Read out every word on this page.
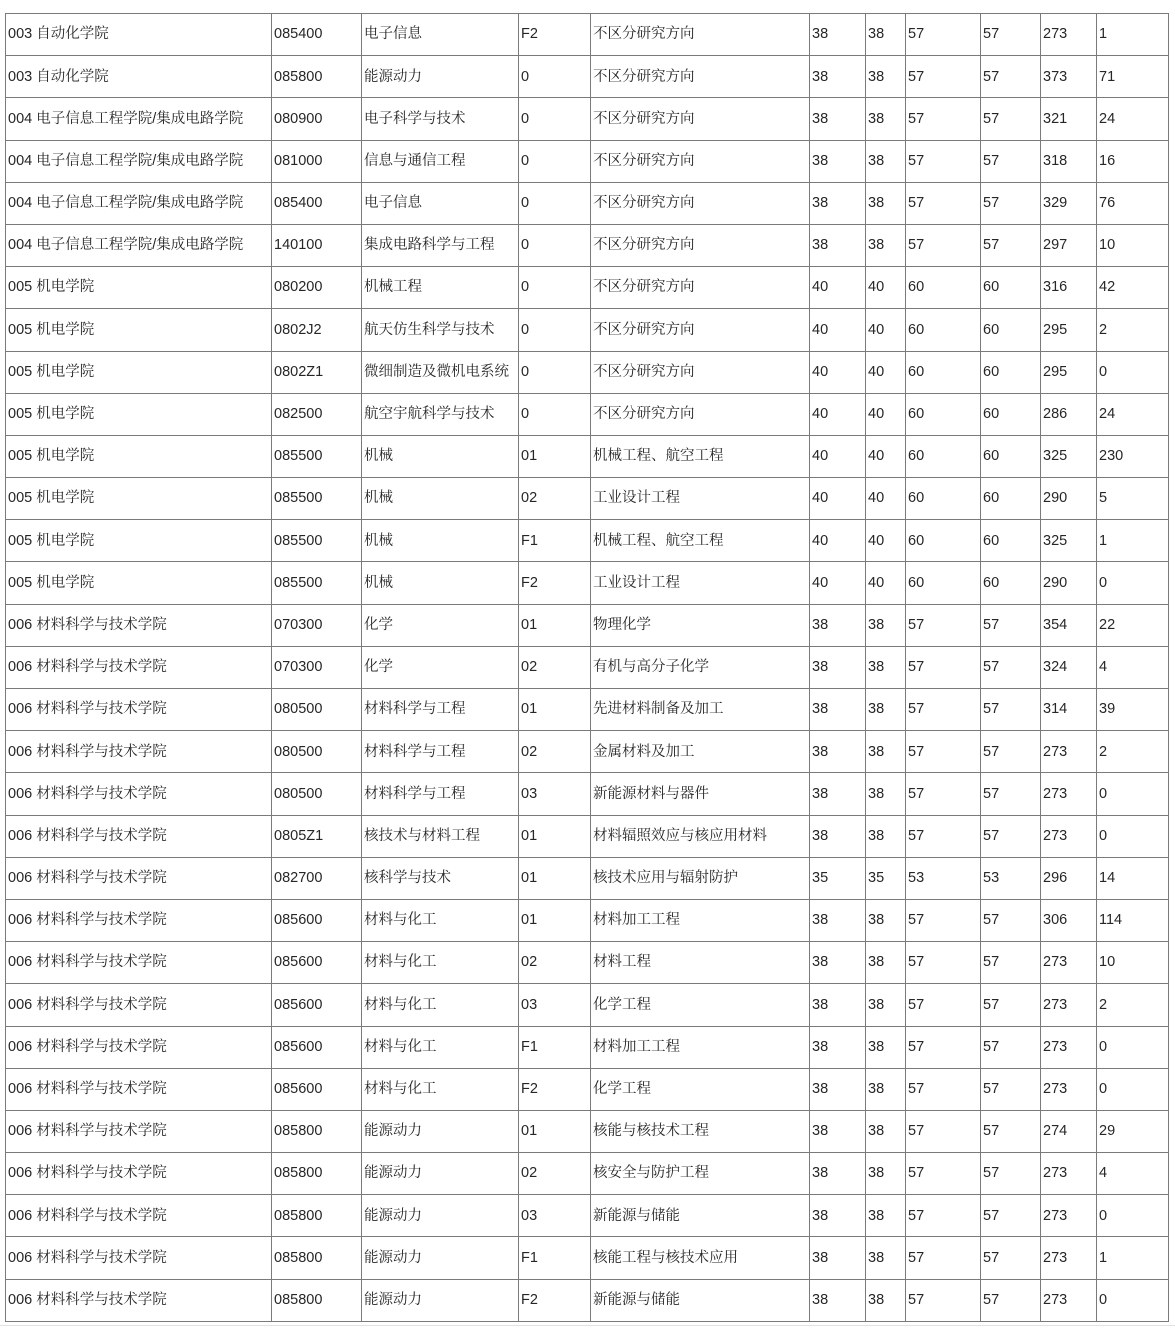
003 自动化学院	085400	电子信息	F2	不区分研究方向	38	38	57	57	273	1
003 自动化学院	085800	能源动力	0	不区分研究方向	38	38	57	57	373	71
004 电子信息工程学院/集成电路学院	080900	电子科学与技术	0	不区分研究方向	38	38	57	57	321	24
004 电子信息工程学院/集成电路学院	081000	信息与通信工程	0	不区分研究方向	38	38	57	57	318	16
004 电子信息工程学院/集成电路学院	085400	电子信息	0	不区分研究方向	38	38	57	57	329	76
004 电子信息工程学院/集成电路学院	140100	集成电路科学与工程	0	不区分研究方向	38	38	57	57	297	10
005 机电学院	080200	机械工程	0	不区分研究方向	40	40	60	60	316	42
005 机电学院	0802J2	航天仿生科学与技术	0	不区分研究方向	40	40	60	60	295	2
005 机电学院	0802Z1	微细制造及微机电系统	0	不区分研究方向	40	40	60	60	295	0
005 机电学院	082500	航空宇航科学与技术	0	不区分研究方向	40	40	60	60	286	24
005 机电学院	085500	机械	01	机械工程、航空工程	40	40	60	60	325	230
005 机电学院	085500	机械	02	工业设计工程	40	40	60	60	290	5
005 机电学院	085500	机械	F1	机械工程、航空工程	40	40	60	60	325	1
005 机电学院	085500	机械	F2	工业设计工程	40	40	60	60	290	0
006 材料科学与技术学院	070300	化学	01	物理化学	38	38	57	57	354	22
006 材料科学与技术学院	070300	化学	02	有机与高分子化学	38	38	57	57	324	4
006 材料科学与技术学院	080500	材料科学与工程	01	先进材料制备及加工	38	38	57	57	314	39
006 材料科学与技术学院	080500	材料科学与工程	02	金属材料及加工	38	38	57	57	273	2
006 材料科学与技术学院	080500	材料科学与工程	03	新能源材料与器件	38	38	57	57	273	0
006 材料科学与技术学院	0805Z1	核技术与材料工程	01	材料辐照效应与核应用材料	38	38	57	57	273	0
006 材料科学与技术学院	082700	核科学与技术	01	核技术应用与辐射防护	35	35	53	53	296	14
006 材料科学与技术学院	085600	材料与化工	01	材料加工工程	38	38	57	57	306	114
006 材料科学与技术学院	085600	材料与化工	02	材料工程	38	38	57	57	273	10
006 材料科学与技术学院	085600	材料与化工	03	化学工程	38	38	57	57	273	2
006 材料科学与技术学院	085600	材料与化工	F1	材料加工工程	38	38	57	57	273	0
006 材料科学与技术学院	085600	材料与化工	F2	化学工程	38	38	57	57	273	0
006 材料科学与技术学院	085800	能源动力	01	核能与核技术工程	38	38	57	57	274	29
006 材料科学与技术学院	085800	能源动力	02	核安全与防护工程	38	38	57	57	273	4
006 材料科学与技术学院	085800	能源动力	03	新能源与储能	38	38	57	57	273	0
006 材料科学与技术学院	085800	能源动力	F1	核能工程与核技术应用	38	38	57	57	273	1
006 材料科学与技术学院	085800	能源动力	F2	新能源与储能	38	38	57	57	273	0
